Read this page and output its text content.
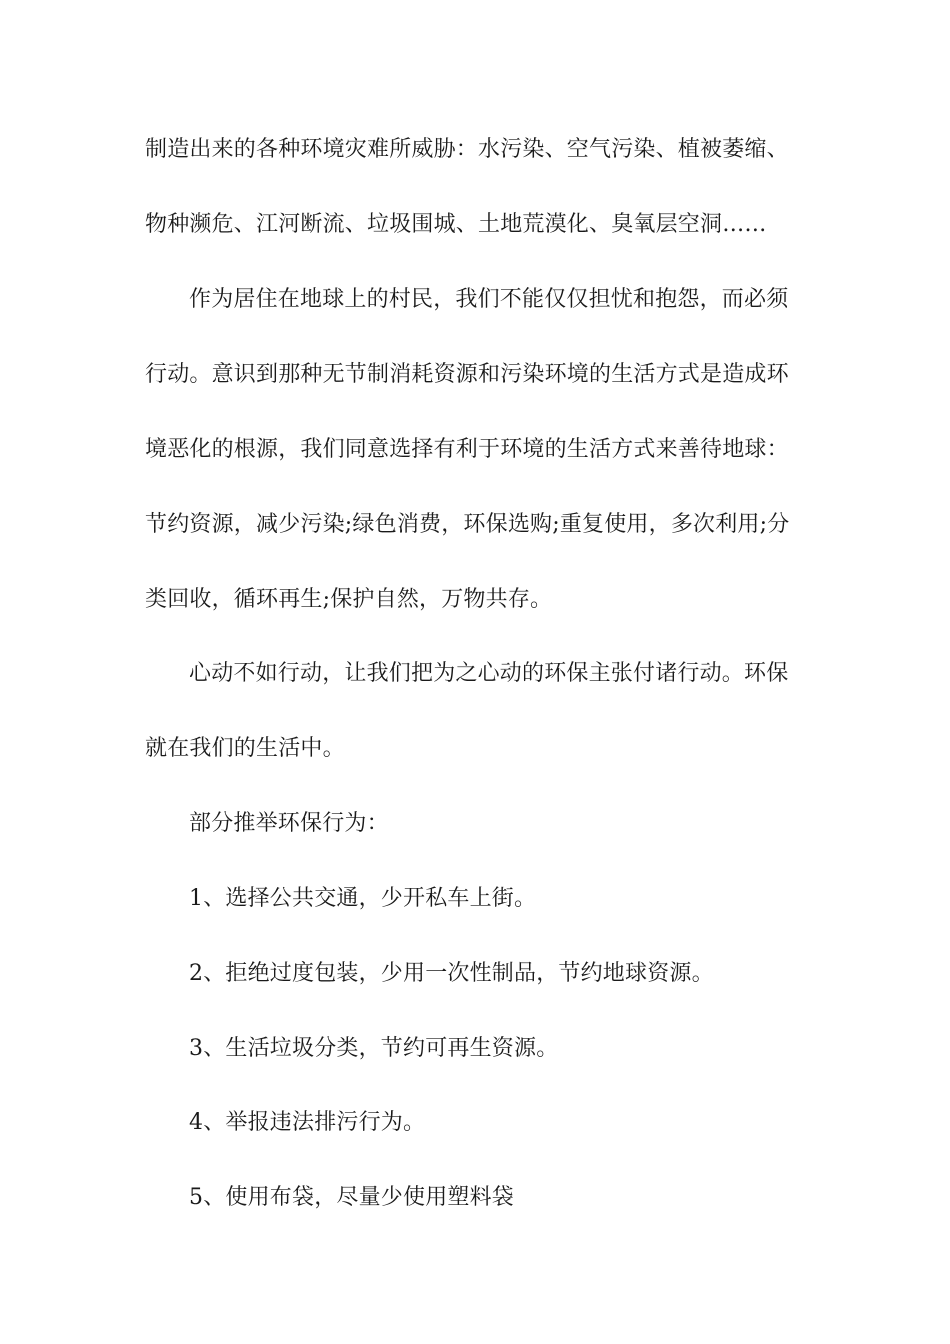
制造出来的各种环境灾难所威胁：水污染、空气污染、植被萎缩、
物种濒危、江河断流、垃圾围城、土地荒漠化、臭氧层空洞……
作为居住在地球上的村民，我们不能仅仅担忧和抱怨，而必须
行动。意识到那种无节制消耗资源和污染环境的生活方式是造成环
境恶化的根源，我们同意选择有利于环境的生活方式来善待地球：
节约资源，减少污染;绿色消费，环保选购;重复使用，多次利用;分
类回收，循环再生;保护自然，万物共存。
心动不如行动，让我们把为之心动的环保主张付诸行动。环保
就在我们的生活中。
部分推举环保行为：
1、选择公共交通，少开私车上街。
2、拒绝过度包装，少用一次性制品，节约地球资源。
3、生活垃圾分类，节约可再生资源。
4、举报违法排污行为。
5、使用布袋，尽量少使用塑料袋
